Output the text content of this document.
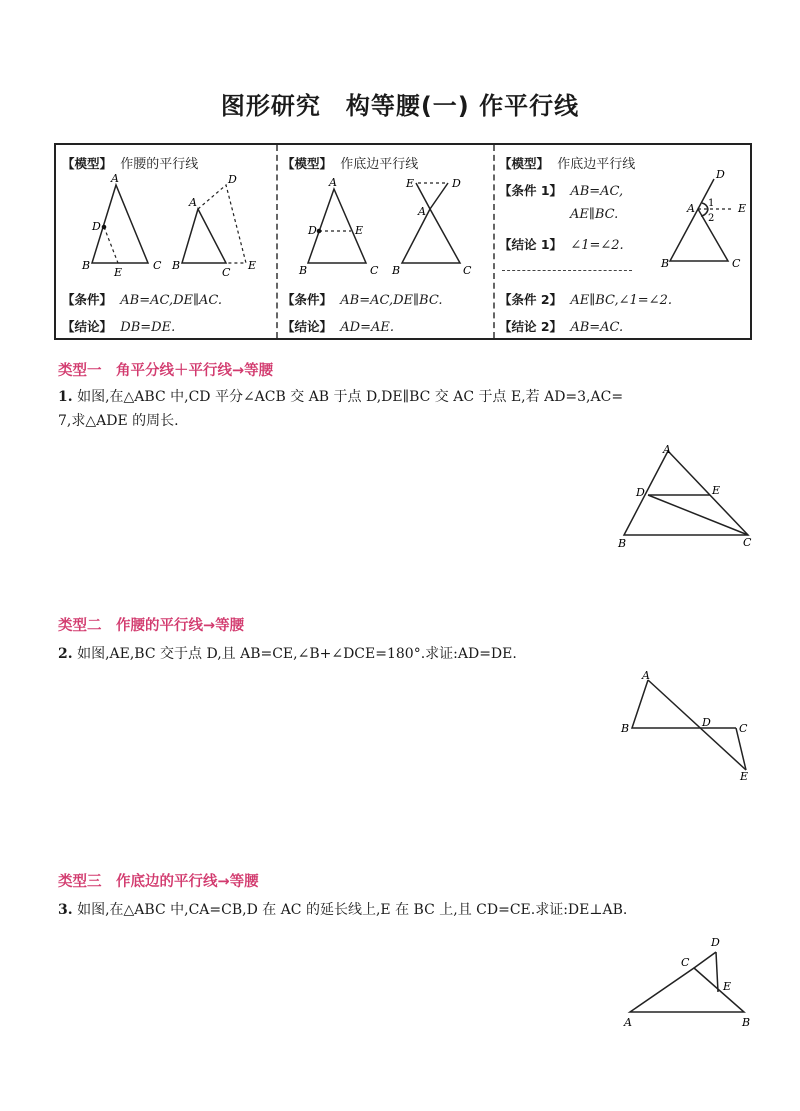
图形研究　构等腰(一) 作平行线
【模型】 作腰的平行线
A
D
B
E
C
A
D
B
C
E
【条件】 AB=AC,DE∥AC.
【结论】 DB=DE.
【模型】 作底边平行线
A
D	E
B	C
E	D
A
B	C
【条件】 AB=AC,DE∥BC.
【结论】 AD=AE.
【模型】 作底边平行线
【条件 1】 AB=AC,
AE∥BC.
【结论 1】 ∠1=∠2.
【条件 2】 AE∥BC,∠1=∠2.
【结论 2】 AB=AC.
D
A 1
2
E
B	C
类型一　角平分线＋平行线→等腰
1. 如图,在△ABC 中,CD 平分∠ACB 交 AB 于点 D,DE∥BC 交 AC 于点 E,若 AD=3,AC=
7,求△ADE 的周长.
A
D	E
B	C
类型二　作腰的平行线→等腰
2. 如图,AE,BC 交于点 D,且 AB=CE,∠B+∠DCE=180°.求证:AD=DE.
A
B	D	C
E
类型三　作底边的平行线→等腰
3. 如图,在△ABC 中,CA=CB,D 在 AC 的延长线上,E 在 BC 上,且 CD=CE.求证:DE⊥AB.
D
C
E
A	B
